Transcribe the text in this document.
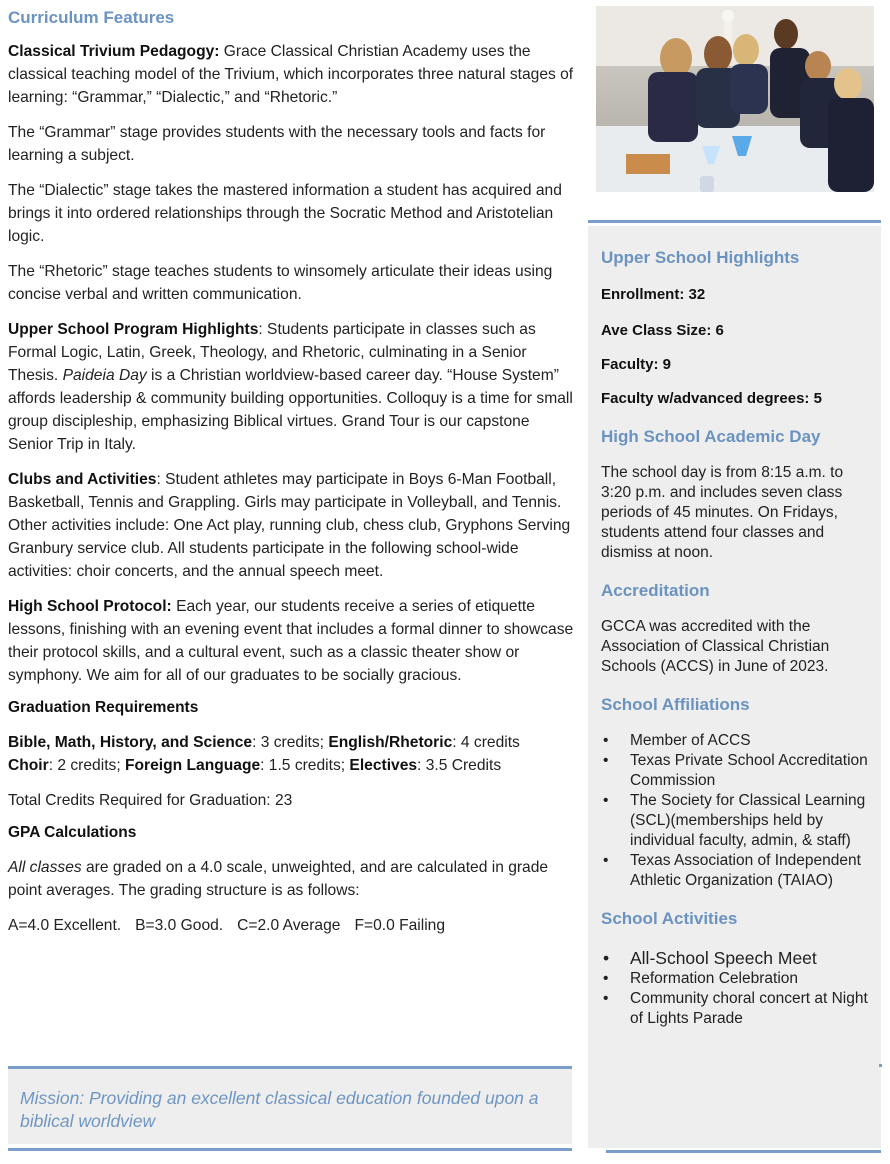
Curriculum Features

Classical Trivium Pedagogy: Grace Classical Christian Academy uses the classical teaching model of the Trivium, which incorporates three natural stages of learning: “Grammar,” “Dialectic,” and “Rhetoric.”

The “Grammar” stage provides students with the necessary tools and facts for learning a subject.

The “Dialectic” stage takes the mastered information a student has acquired and brings it into ordered relationships through the Socratic Method and Aristotelian logic.

The “Rhetoric” stage teaches students to winsomely articulate their ideas using concise verbal and written communication.

Upper School Program Highlights: Students participate in classes such as Formal Logic, Latin, Greek, Theology, and Rhetoric, culminating in a Senior Thesis. Paideia Day is a Christian worldview-based career day. “House System” affords leadership & community building opportunities. Colloquy is a time for small group discipleship, emphasizing Biblical virtues. Grand Tour is our capstone Senior Trip in Italy.

Clubs and Activities: Student athletes may participate in Boys 6-Man Football, Basketball, Tennis and Grappling. Girls may participate in Volleyball, and Tennis. Other activities include: One Act play, running club, chess club, Gryphons Serving Granbury service club. All students participate in the following school-wide activities: choir concerts, and the annual speech meet.

High School Protocol: Each year, our students receive a series of etiquette lessons, finishing with an evening event that includes a formal dinner to showcase their protocol skills, and a cultural event, such as a classic theater show or symphony. We aim for all of our graduates to be socially gracious.

Graduation Requirements

Bible, Math, History, and Science: 3 credits; English/Rhetoric: 4 credits
Choir: 2 credits; Foreign Language: 1.5 credits; Electives: 3.5 Credits

Total Credits Required for Graduation: 23

GPA Calculations

All classes are graded on a 4.0 scale, unweighted, and are calculated in grade point averages. The grading structure is as follows:

A=4.0 Excellent. B=3.0 Good. C=2.0 Average F=0.0 Failing

Mission: Providing an excellent classical education founded upon a biblical worldview
Upper School Highlights
Enrollment: 32
Ave Class Size: 6
Faculty: 9
Faculty w/advanced degrees: 5
High School Academic Day

The school day is from 8:15 a.m. to 3:20 p.m. and includes seven class periods of 45 minutes. On Fridays, students attend four classes and dismiss at noon.

Accreditation

GCCA was accredited with the Association of Classical Christian Schools (ACCS) in June of 2023.

School Affiliations
• Member of ACCS
• Texas Private School Accreditation Commission
• The Society for Classical Learning (SCL)(memberships held by individual faculty, admin, & staff)
• Texas Association of Independent Athletic Organization (TAIAO)
School Activities
• All-School Speech Meet
• Reformation Celebration
• Community choral concert at Night of Lights Parade
